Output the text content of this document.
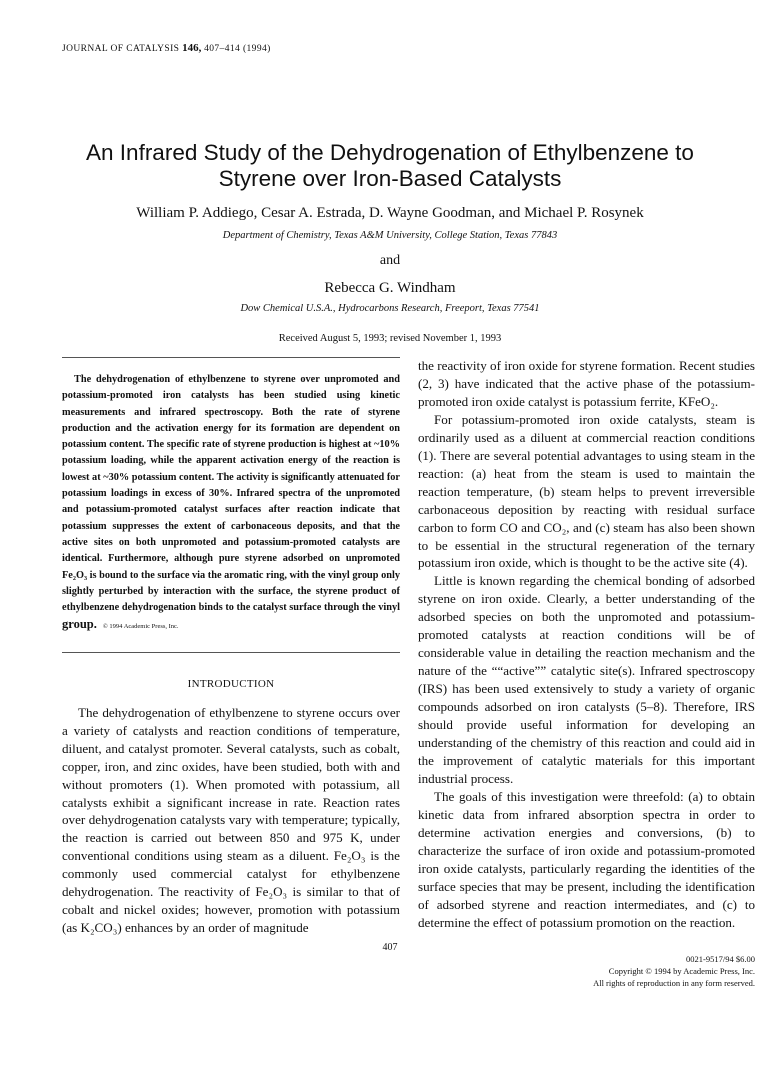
JOURNAL OF CATALYSIS 146, 407–414 (1994)
An Infrared Study of the Dehydrogenation of Ethylbenzene to Styrene over Iron-Based Catalysts
William P. Addiego, Cesar A. Estrada, D. Wayne Goodman, and Michael P. Rosynek
Department of Chemistry, Texas A&M University, College Station, Texas 77843
and
Rebecca G. Windham
Dow Chemical U.S.A., Hydrocarbons Research, Freeport, Texas 77541
Received August 5, 1993; revised November 1, 1993
The dehydrogenation of ethylbenzene to styrene over unpromoted and potassium-promoted iron catalysts has been studied using kinetic measurements and infrared spectroscopy. Both the rate of styrene production and the activation energy for its formation are dependent on potassium content. The specific rate of styrene production is highest at ~10% potassium loading, while the apparent activation energy of the reaction is lowest at ~30% potassium content. The activity is significantly attenuated for potassium loadings in excess of 30%. Infrared spectra of the unpromoted and potassium-promoted catalyst surfaces after reaction indicate that potassium suppresses the extent of carbonaceous deposits, and that the active sites on both unpromoted and potassium-promoted catalysts are identical. Furthermore, although pure styrene adsorbed on unpromoted Fe₂O₃ is bound to the surface via the aromatic ring, with the vinyl group only slightly perturbed by interaction with the surface, the styrene product of ethylbenzene dehydrogenation binds to the catalyst surface through the vinyl group. © 1994 Academic Press, Inc.
INTRODUCTION

The dehydrogenation of ethylbenzene to styrene occurs over a variety of catalysts and reaction conditions of temperature, diluent, and catalyst promoter. Several catalysts, such as cobalt, copper, iron, and zinc oxides, have been studied, both with and without promoters (1). When promoted with potassium, all catalysts exhibit a significant increase in rate. Reaction rates over dehydrogenation catalysts vary with temperature; typically, the reaction is carried out between 850 and 975 K, under conventional conditions using steam as a diluent. Fe₂O₃ is the commonly used commercial catalyst for ethylbenzene dehydrogenation. The reactivity of Fe₂O₃ is similar to that of cobalt and nickel oxides; however, promotion with potassium (as K₂CO₃) enhances by an order of magnitude

the reactivity of iron oxide for styrene formation. Recent studies (2, 3) have indicated that the active phase of the potassium-promoted iron oxide catalyst is potassium ferrite, KFeO₂.

For potassium-promoted iron oxide catalysts, steam is ordinarily used as a diluent at commercial reaction conditions (1). There are several potential advantages to using steam in the reaction: (a) heat from the steam is used to maintain the reaction temperature, (b) steam helps to prevent irreversible carbonaceous deposition by reacting with residual surface carbon to form CO and CO₂, and (c) steam has also been shown to be essential in the structural regeneration of the ternary potassium iron oxide, which is thought to be the active site (4).

Little is known regarding the chemical bonding of adsorbed styrene on iron oxide. Clearly, a better understanding of the adsorbed species on both the unpromoted and potassium-promoted catalysts at reaction conditions will be of considerable value in detailing the reaction mechanism and the nature of the ““active”” catalytic site(s). Infrared spectroscopy (IRS) has been used extensively to study a variety of organic compounds adsorbed on iron catalysts (5–8). Therefore, IRS should provide useful information for developing an understanding of the chemistry of this reaction and could aid in the improvement of catalytic materials for this important industrial process.

The goals of this investigation were threefold: (a) to obtain kinetic data from infrared absorption spectra in order to determine activation energies and conversions, (b) to characterize the surface of iron oxide and potassium-promoted iron oxide catalysts, particularly regarding the identities of the surface species that may be present, including the identification of adsorbed styrene and reaction intermediates, and (c) to determine the effect of potassium promotion on the reaction.

407
0021-9517/94 $6.00
Copyright © 1994 by Academic Press, Inc.
All rights of reproduction in any form reserved.
